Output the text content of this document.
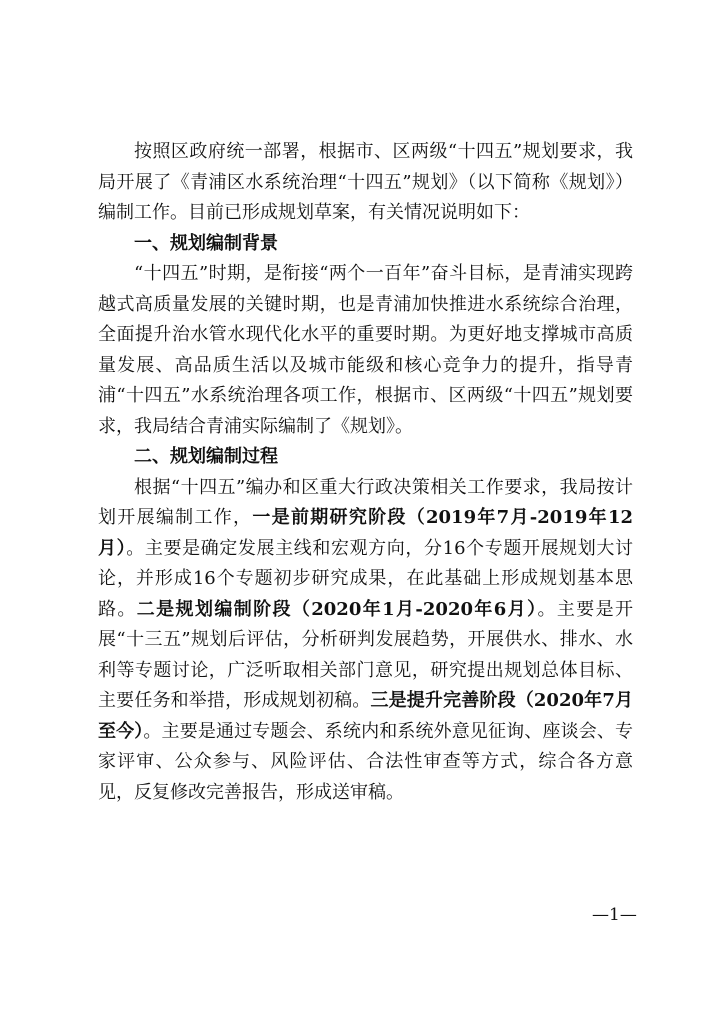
按照区政府统一部署，根据市、区两级“十四五”规划要求，我局开展了《青浦区水系统治理“十四五”规划》（以下简称《规划》）编制工作。目前已形成规划草案，有关情况说明如下：

一、规划编制背景

“十四五”时期，是衔接“两个一百年”奋斗目标，是青浦实现跨越式高质量发展的关键时期，也是青浦加快推进水系统综合治理，全面提升治水管水现代化水平的重要时期。为更好地支撑城市高质量发展、高品质生活以及城市能级和核心竞争力的提升，指导青浦“十四五”水系统治理各项工作，根据市、区两级“十四五”规划要求，我局结合青浦实际编制了《规划》。

二、规划编制过程

根据“十四五”编办和区重大行政决策相关工作要求，我局按计划开展编制工作，一是前期研究阶段（2019年7月-2019年12月）。主要是确定发展主线和宏观方向，分16个专题开展规划大讨论，并形成16个专题初步研究成果，在此基础上形成规划基本思路。二是规划编制阶段（2020年1月-2020年6月）。主要是开展“十三五”规划后评估，分析研判发展趋势，开展供水、排水、水利等专题讨论，广泛听取相关部门意见，研究提出规划总体目标、主要任务和举措，形成规划初稿。三是提升完善阶段（2020年7月至今）。主要是通过专题会、系统内和系统外意见征询、座谈会、专家评审、公众参与、风险评估、合法性审查等方式，综合各方意见，反复修改完善报告，形成送审稿。

—1—
